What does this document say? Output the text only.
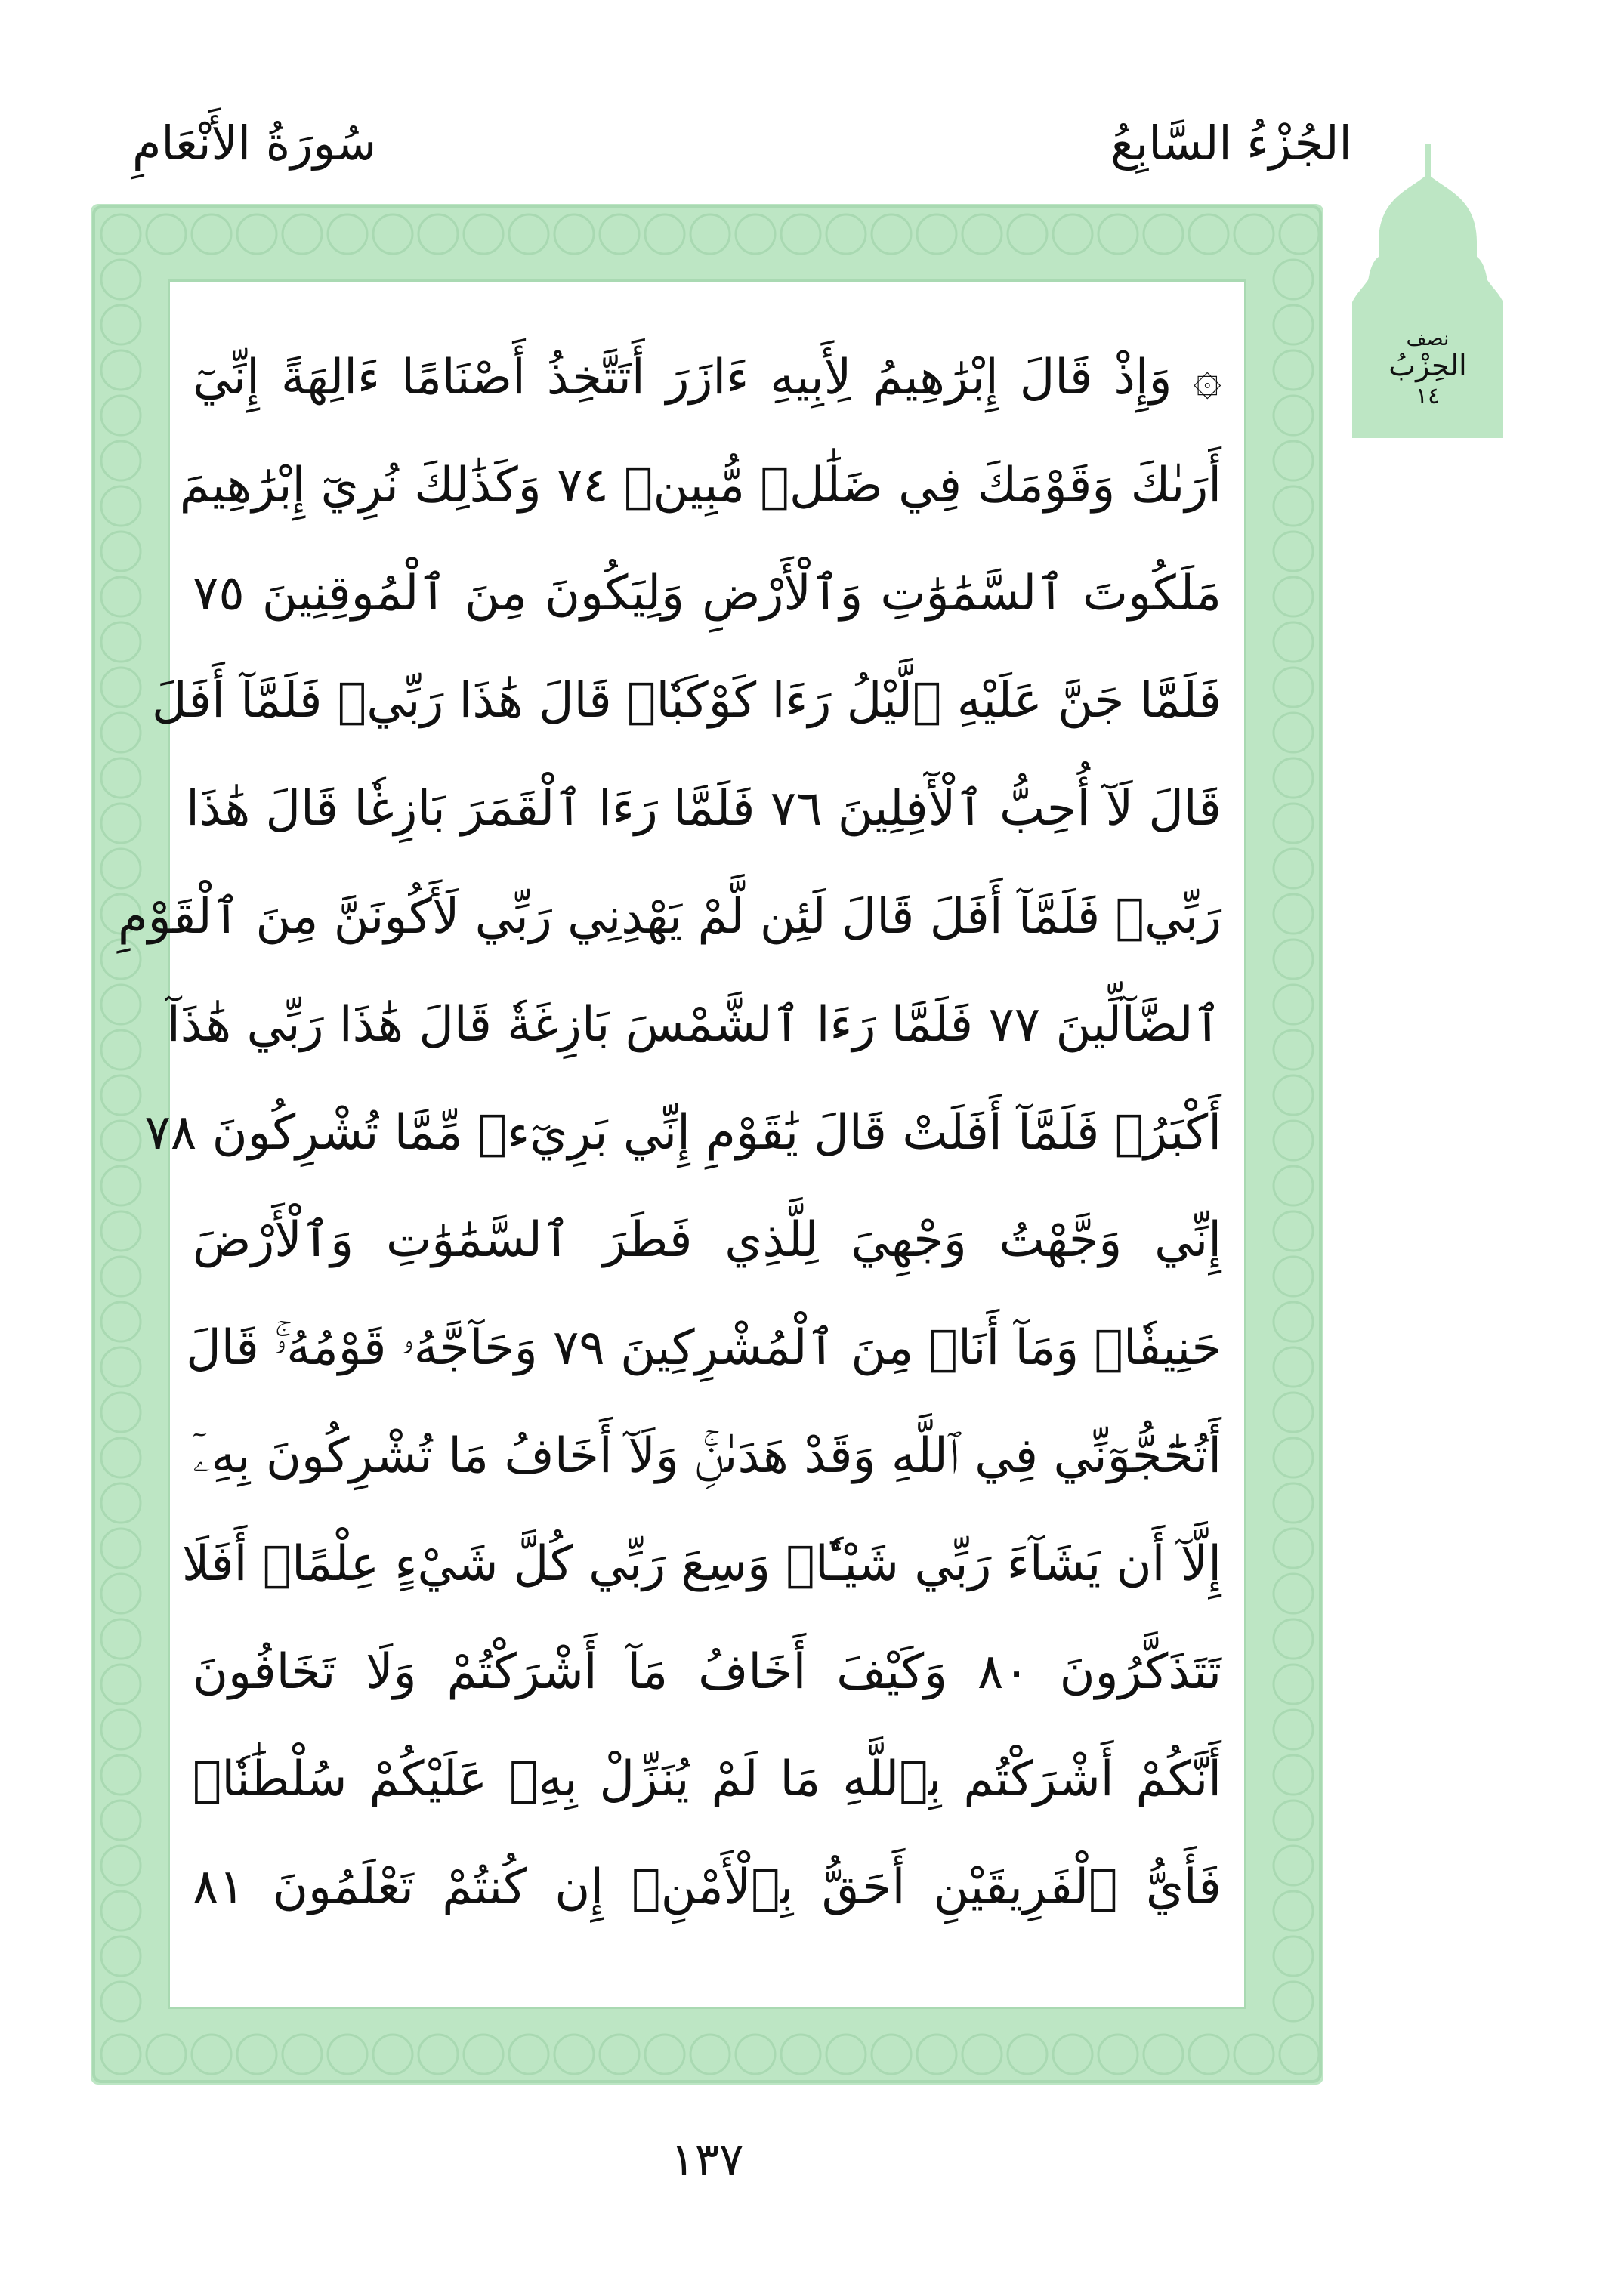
الجُزْءُ السَّابِعُ
سُورَةُ الأَنْعَامِ
۞ وَإِذْ قَالَ إِبْرَٰهِيمُ لِأَبِيهِ ءَازَرَ أَتَتَّخِذُ أَصْنَامًا ءَالِهَةً إِنِّيٓ
أَرَىٰكَ وَقَوْمَكَ فِي ضَلَٰلٖ مُّبِينٖ ٧٤ وَكَذَٰلِكَ نُرِيٓ إِبْرَٰهِيمَ
مَلَكُوتَ ٱلسَّمَٰوَٰتِ وَٱلْأَرْضِ وَلِيَكُونَ مِنَ ٱلْمُوقِنِينَ ٧٥
فَلَمَّا جَنَّ عَلَيْهِ ٱلَّيْلُ رَءَا كَوْكَبٗاۖ قَالَ هَٰذَا رَبِّيۖ فَلَمَّآ أَفَلَ
قَالَ لَآ أُحِبُّ ٱلْأٓفِلِينَ ٧٦ فَلَمَّا رَءَا ٱلْقَمَرَ بَازِغٗا قَالَ هَٰذَا
رَبِّيۖ فَلَمَّآ أَفَلَ قَالَ لَئِن لَّمْ يَهْدِنِي رَبِّي لَأَكُونَنَّ مِنَ ٱلْقَوْمِ
ٱلضَّآلِّينَ ٧٧ فَلَمَّا رَءَا ٱلشَّمْسَ بَازِغَةٗ قَالَ هَٰذَا رَبِّي هَٰذَآ
أَكْبَرُۖ فَلَمَّآ أَفَلَتْ قَالَ يَٰقَوْمِ إِنِّي بَرِيٓءٞ مِّمَّا تُشْرِكُونَ ٧٨
إِنِّي وَجَّهْتُ وَجْهِيَ لِلَّذِي فَطَرَ ٱلسَّمَٰوَٰتِ وَٱلْأَرْضَ
حَنِيفٗاۖ وَمَآ أَنَا۠ مِنَ ٱلْمُشْرِكِينَ ٧٩ وَحَآجَّهُۥ قَوْمُهُۥۚ قَالَ
أَتُحَٰٓجُّوٓنِّي فِي ٱللَّهِ وَقَدْ هَدَىٰنِۚ وَلَآ أَخَافُ مَا تُشْرِكُونَ بِهِۦٓ
إِلَّآ أَن يَشَآءَ رَبِّي شَيْـٔٗاۚ وَسِعَ رَبِّي كُلَّ شَيْءٍ عِلْمًاۚ أَفَلَا
تَتَذَكَّرُونَ ٨٠ وَكَيْفَ أَخَافُ مَآ أَشْرَكْتُمْ وَلَا تَخَافُونَ
أَنَّكُمْ أَشْرَكْتُم بِٱللَّهِ مَا لَمْ يُنَزِّلْ بِهِۦ عَلَيْكُمْ سُلْطَٰنٗاۚ
فَأَيُّ ٱلْفَرِيقَيْنِ أَحَقُّ بِٱلْأَمْنِۖ إِن كُنتُمْ تَعْلَمُونَ ٨١
نصف
الحِزْبُ
١٤
١٣٧
